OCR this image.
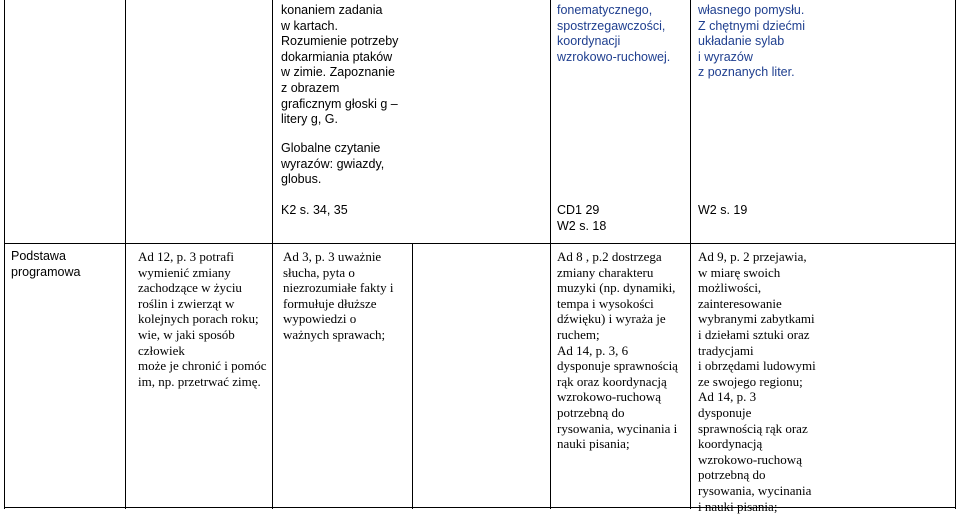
konaniem zadania
w kartach.
Rozumienie potrzeby
dokarmiania ptaków
w zimie. Zapoznanie
z obrazem
graficznym głoski g –
litery g, G.
Globalne czytanie
wyrazów: gwiazdy,
globus.
fonematycznego,
spostrzegawczości,
koordynacji
wzrokowo-ruchowej.
własnego pomysłu.
Z chętnymi dziećmi
układanie sylab
i wyrazów
z poznanych liter.
K2 s. 34, 35	CD1 29
W2 s. 18
W2 s. 19
Podstawa
programowa
Ad 12, p. 3 potrafi
wymienić zmiany
zachodzące w życiu
roślin i zwierząt w
kolejnych porach roku;
wie, w jaki sposób
człowiek
może je chronić i pomóc
im, np. przetrwać zimę.
Ad 3, p. 3 uważnie
słucha, pyta o
niezrozumiałe fakty i
formułuje dłuższe
wypowiedzi o
ważnych sprawach;
Ad 8 , p.2 dostrzega
zmiany charakteru
muzyki (np. dynamiki,
tempa i wysokości
dźwięku) i wyraża je
ruchem;
Ad 14, p. 3, 6
dysponuje sprawnością
rąk oraz koordynacją
wzrokowo-ruchową
potrzebną do
rysowania, wycinania i
nauki pisania;
Ad 9, p. 2 przejawia,
w miarę swoich
możliwości,
zainteresowanie
wybranymi zabytkami
i dziełami sztuki oraz
tradycjami
i obrzędami ludowymi
ze swojego regionu;
Ad 14, p. 3
dysponuje
sprawnością rąk oraz
koordynacją
wzrokowo-ruchową
potrzebną do
rysowania, wycinania
i nauki pisania;
